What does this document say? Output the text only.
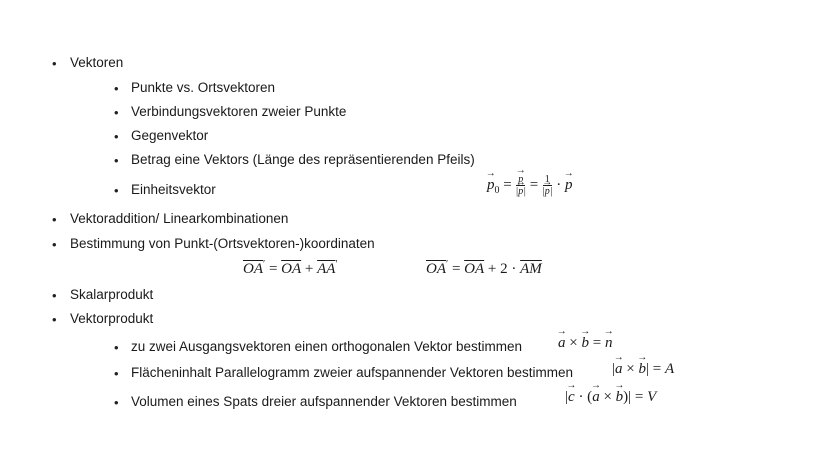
• Vektoren
• Punkte vs. Ortsvektoren
• Verbindungsvektoren zweier Punkte
• Gegenvektor
• Betrag eine Vektors (Länge des repräsentierenden Pfeils)
• Einheitsvektor	→ $p_0$ = → $\frac{p}{|\to p|} = \frac{1}{|\to p|}$ · → p
• Vektoraddition/ Linearkombinationen
• Bestimmung von Punkt-(Ortsvektoren-)koordinaten
$\overline{OA}' = \overline{OA} + \overline{AA}'$	$\overline{OA}' = \overline{OA} + 2 \cdot \overline{AM}$
• Skalarprodukt
• Vektorprodukt
• zu zwei Ausgangsvektoren einen orthogonalen Vektor bestimmen → a × → b = → n
• Flächeninhalt Parallelogramm zweier aufspannender Vektoren bestimmen	|→ a × → b| = A
• Volumen eines Spats dreier aufspannender Vektoren bestimmen	|→ c · (→ a × → b)| = V
